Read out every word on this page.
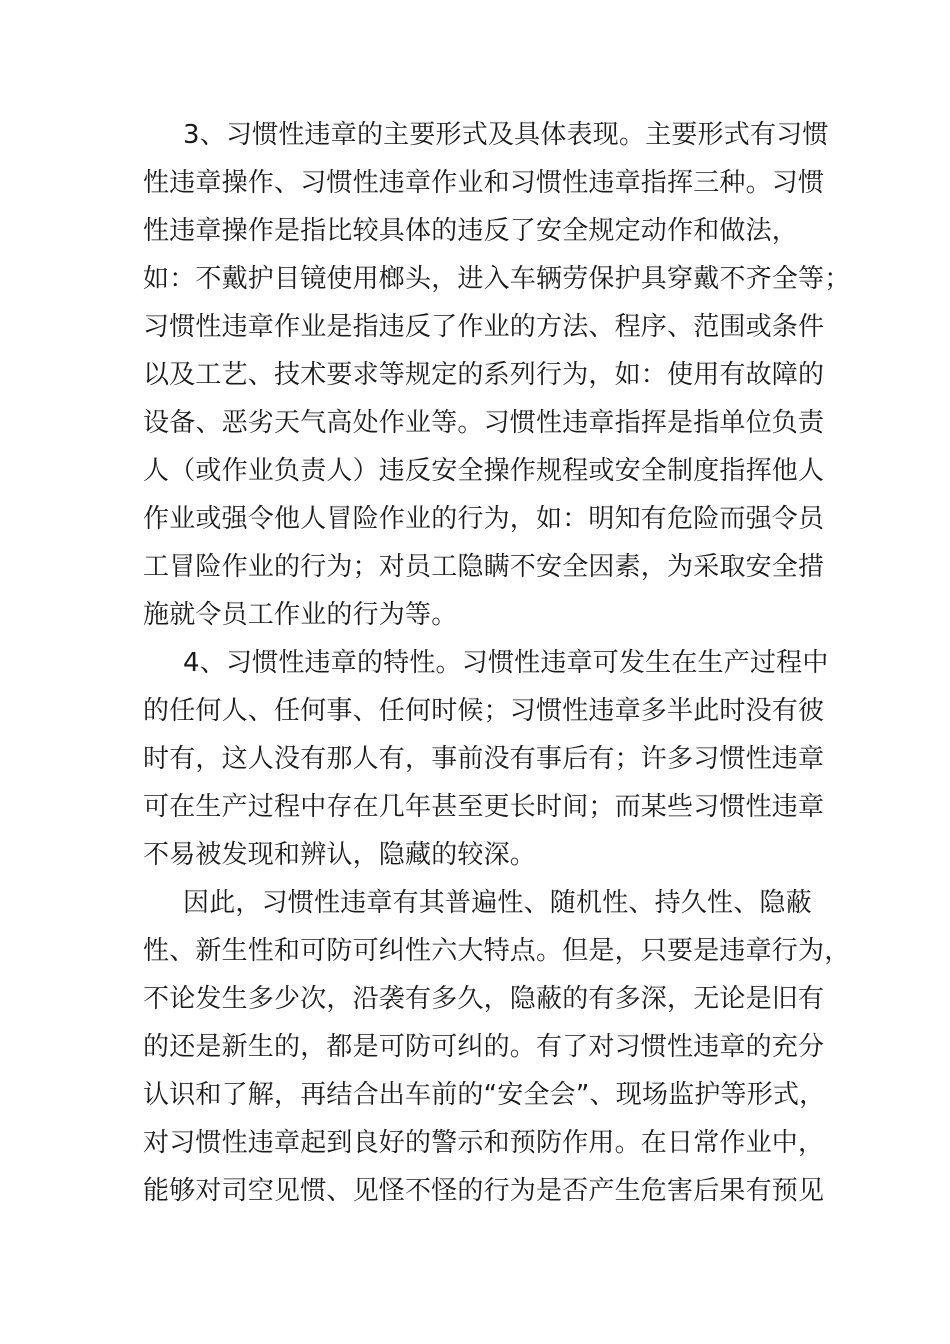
3、习惯性违章的主要形式及具体表现。主要形式有习惯
性违章操作、习惯性违章作业和习惯性违章指挥三种。习惯
性违章操作是指比较具体的违反了安全规定动作和做法，
如：不戴护目镜使用榔头，进入车辆劳保护具穿戴不齐全等；
习惯性违章作业是指违反了作业的方法、程序、范围或条件
以及工艺、技术要求等规定的系列行为，如：使用有故障的
设备、恶劣天气高处作业等。习惯性违章指挥是指单位负责
人（或作业负责人）违反安全操作规程或安全制度指挥他人
作业或强令他人冒险作业的行为，如：明知有危险而强令员
工冒险作业的行为；对员工隐瞒不安全因素，为采取安全措
施就令员工作业的行为等。

4、习惯性违章的特性。习惯性违章可发生在生产过程中
的任何人、任何事、任何时候；习惯性违章多半此时没有彼
时有，这人没有那人有，事前没有事后有；许多习惯性违章
可在生产过程中存在几年甚至更长时间；而某些习惯性违章
不易被发现和辨认，隐藏的较深。

因此，习惯性违章有其普遍性、随机性、持久性、隐蔽
性、新生性和可防可纠性六大特点。但是，只要是违章行为，
不论发生多少次，沿袭有多久，隐蔽的有多深，无论是旧有
的还是新生的，都是可防可纠的。有了对习惯性违章的充分
认识和了解，再结合出车前的“安全会”、现场监护等形式，
对习惯性违章起到良好的警示和预防作用。在日常作业中，
能够对司空见惯、见怪不怪的行为是否产生危害后果有预见
